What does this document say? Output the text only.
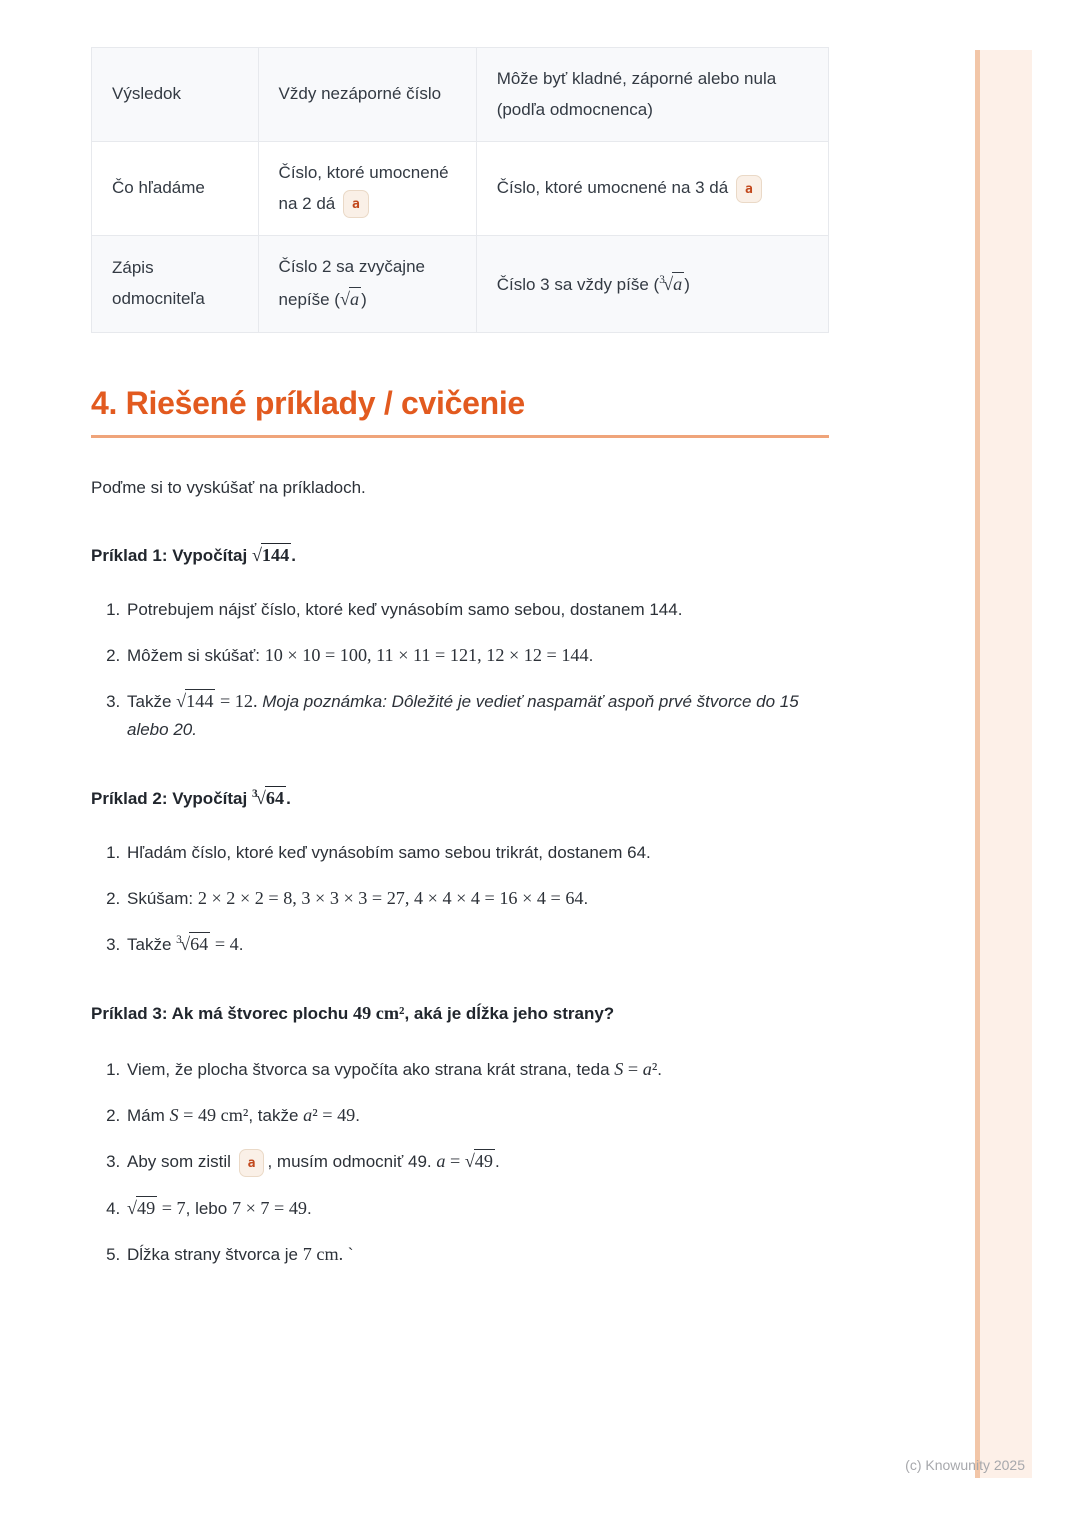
Výsledok	Vždy nezáporné číslo	Môže byť kladné, záporné alebo nula (podľa odmocnenca)
Čo hľadáme	Číslo, ktoré umocnené na 2 dá a	Číslo, ktoré umocnené na 3 dá a
Zápis odmocniteľa	Číslo 2 sa zvyčajne nepíše (√a )	Číslo 3 sa vždy píše ($^3$√a )
4. Riešené príklady / cvičenie

Poďme si to vyskúšať na príkladoch.

Príklad 1: Vypočítaj √144 .

1. Potrebujem nájsť číslo, ktoré keď vynásobím samo sebou, dostanem 144.
2. Môžem si skúšať: 10 × 10 = 100, 11 × 11 = 121, 12 × 12 = 144.
3. Takže √144 = 12. Moja poznámka: Dôležité je vedieť naspamäť aspoň prvé štvorce do 15 alebo 20.

Príklad 2: Vypočítaj $^3$√64 .

1. Hľadám číslo, ktoré keď vynásobím samo sebou trikrát, dostanem 64.
2. Skúšam: 2 × 2 × 2 = 8, 3 × 3 × 3 = 27, 4 × 4 × 4 = 16 × 4 = 64.
3. Takže $^3$√64 = 4.

Príklad 3: Ak má štvorec plochu 49 cm², aká je dĺžka jeho strany?

1. Viem, že plocha štvorca sa vypočíta ako strana krát strana, teda S = a².
2. Mám S = 49 cm², takže a² = 49.
3. Aby som zistil a , musím odmocniť 49. a = √49 .
4. √49 = 7, lebo 7 × 7 = 49.
5. Dĺžka strany štvorca je 7 cm. `
(c) Knowunity 2025
